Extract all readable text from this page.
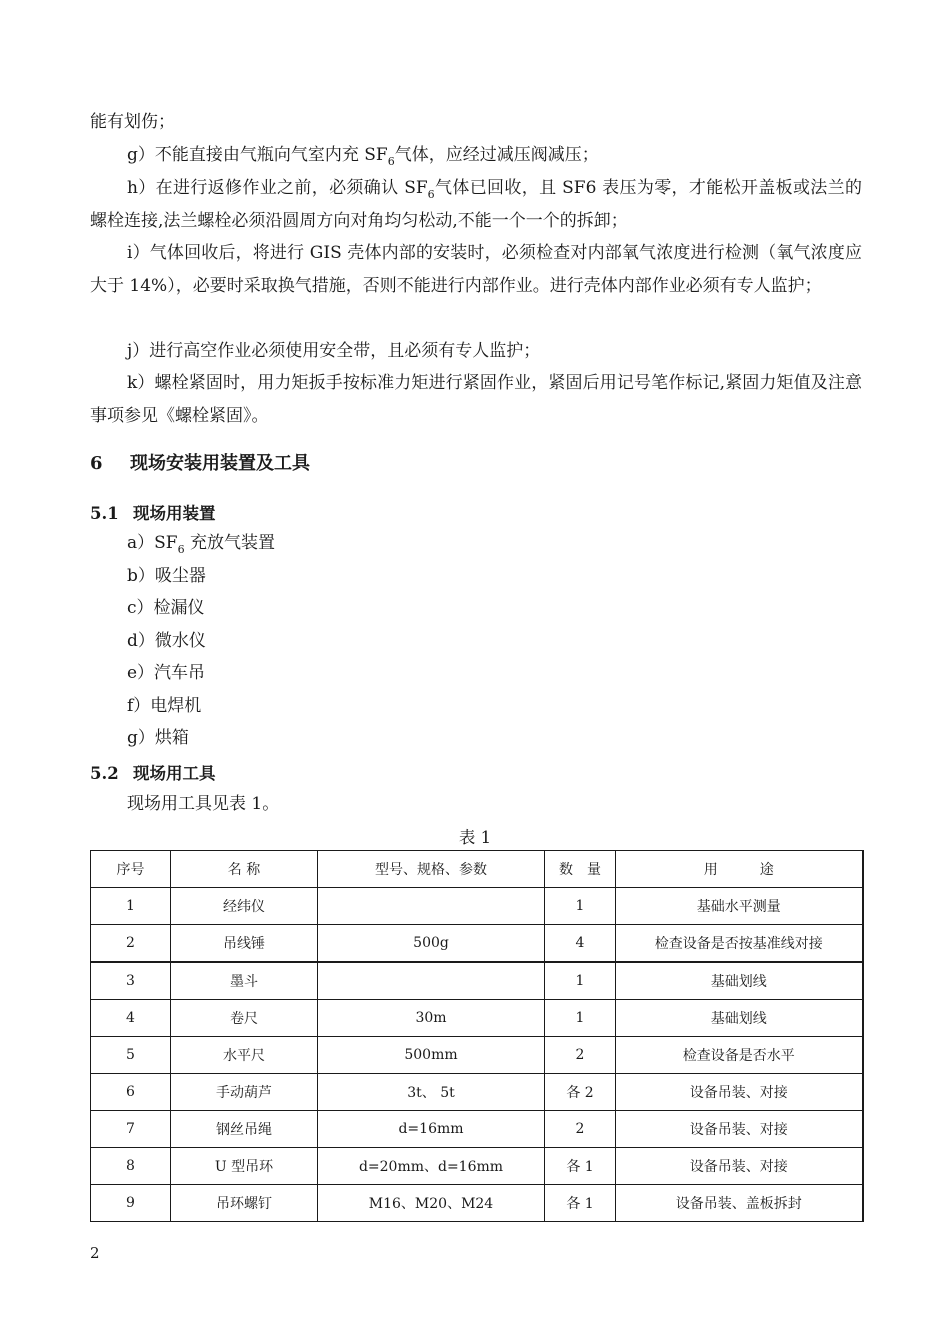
能有划伤；

g）不能直接由气瓶向气室内充 $SF_6$气体，应经过减压阀减压；

h）在进行返修作业之前，必须确认 $SF_6$气体已回收，且 SF6 表压为零，才能松开盖板或法兰的螺栓连接,法兰螺栓必须沿圆周方向对角均匀松动,不能一个一个的拆卸；

i）气体回收后，将进行 GIS 壳体内部的安装时，必须检查对内部氧气浓度进行检测（氧气浓度应大于 14%），必要时采取换气措施，否则不能进行内部作业。进行壳体内部作业必须有专人监护；

j）进行高空作业必须使用安全带，且必须有专人监护；

k）螺栓紧固时，用力矩扳手按标准力矩进行紧固作业，紧固后用记号笔作标记,紧固力矩值及注意事项参见《螺栓紧固》。

6 现场安装用装置及工具
5.1 现场用装置
$a)SF_6$ 充放气装置
b）吸尘器
c）检漏仪
d）微水仪
e）汽车吊
f）电焊机
g）烘箱
5.2 现场用工具

现场用工具见表 1。

表 1

序号	名 称	型号、规格、参数	数　量	用　　　途
1	经纬仪		1	基础水平测量
2	吊线锤	500g	4	检查设备是否按基准线对接
3	墨斗		1	基础划线
4	卷尺	30m	1	基础划线
5	水平尺	500mm	2	检查设备是否水平
6	手动葫芦	3t、 5t	各 2	设备吊装、对接
7	钢丝吊绳	d=16mm	2	设备吊装、对接
8	U 型吊环	d=20mm、d=16mm	各 1	设备吊装、对接
9	吊环螺钉	M16、M20、M24	各 1	设备吊装、盖板拆封

2
